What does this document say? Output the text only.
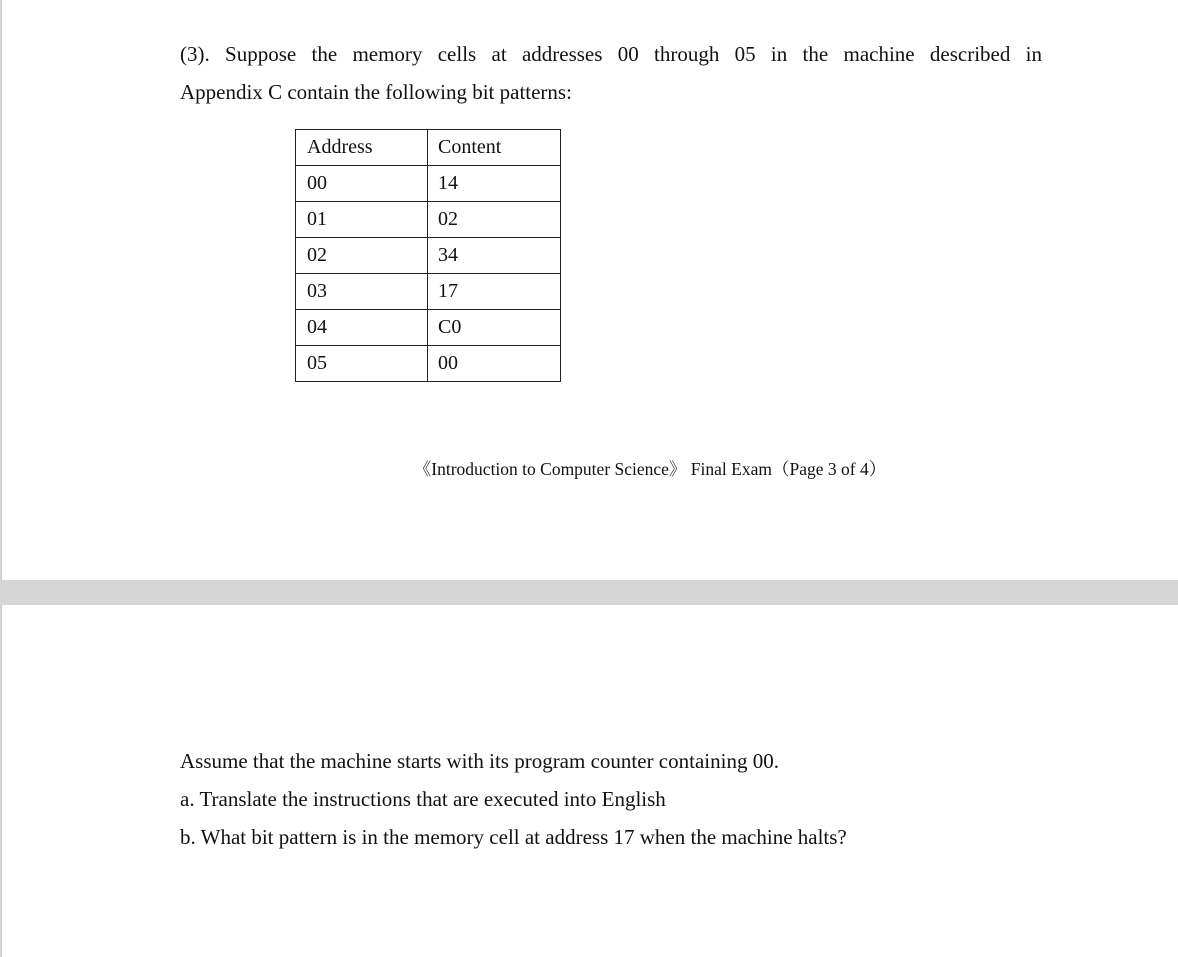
(3). Suppose the memory cells at addresses 00 through 05 in the machine described in
Appendix C contain the following bit patterns:
Address	Content
00	14
01	02
02	34
03	17
04	C0
05	00
《Introduction to Computer Science》 Final Exam（Page 3 of 4）
Assume that the machine starts with its program counter containing 00.
a. Translate the instructions that are executed into English
b. What bit pattern is in the memory cell at address 17 when the machine halts?
